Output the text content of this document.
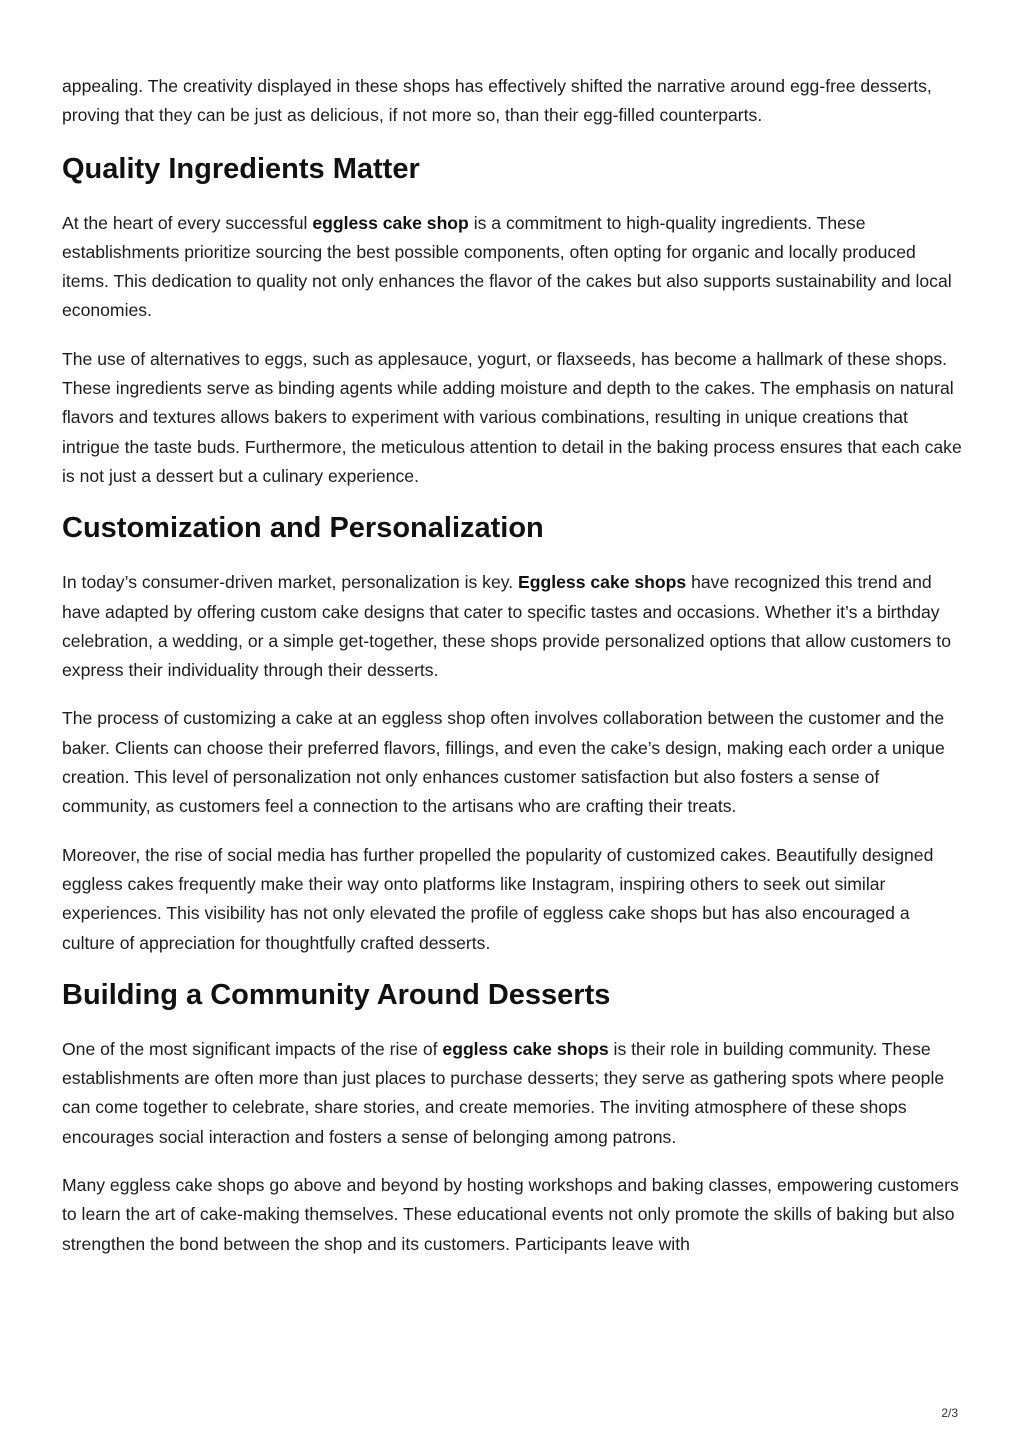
appealing. The creativity displayed in these shops has effectively shifted the narrative around egg-free desserts, proving that they can be just as delicious, if not more so, than their egg-filled counterparts.

Quality Ingredients Matter

At the heart of every successful eggless cake shop is a commitment to high-quality ingredients. These establishments prioritize sourcing the best possible components, often opting for organic and locally produced items. This dedication to quality not only enhances the flavor of the cakes but also supports sustainability and local economies.

The use of alternatives to eggs, such as applesauce, yogurt, or flaxseeds, has become a hallmark of these shops. These ingredients serve as binding agents while adding moisture and depth to the cakes. The emphasis on natural flavors and textures allows bakers to experiment with various combinations, resulting in unique creations that intrigue the taste buds. Furthermore, the meticulous attention to detail in the baking process ensures that each cake is not just a dessert but a culinary experience.

Customization and Personalization

In today’s consumer-driven market, personalization is key. Eggless cake shops have recognized this trend and have adapted by offering custom cake designs that cater to specific tastes and occasions. Whether it’s a birthday celebration, a wedding, or a simple get-together, these shops provide personalized options that allow customers to express their individuality through their desserts.

The process of customizing a cake at an eggless shop often involves collaboration between the customer and the baker. Clients can choose their preferred flavors, fillings, and even the cake’s design, making each order a unique creation. This level of personalization not only enhances customer satisfaction but also fosters a sense of community, as customers feel a connection to the artisans who are crafting their treats.

Moreover, the rise of social media has further propelled the popularity of customized cakes. Beautifully designed eggless cakes frequently make their way onto platforms like Instagram, inspiring others to seek out similar experiences. This visibility has not only elevated the profile of eggless cake shops but has also encouraged a culture of appreciation for thoughtfully crafted desserts.

Building a Community Around Desserts

One of the most significant impacts of the rise of eggless cake shops is their role in building community. These establishments are often more than just places to purchase desserts; they serve as gathering spots where people can come together to celebrate, share stories, and create memories. The inviting atmosphere of these shops encourages social interaction and fosters a sense of belonging among patrons.

Many eggless cake shops go above and beyond by hosting workshops and baking classes, empowering customers to learn the art of cake-making themselves. These educational events not only promote the skills of baking but also strengthen the bond between the shop and its customers. Participants leave with

2/3
